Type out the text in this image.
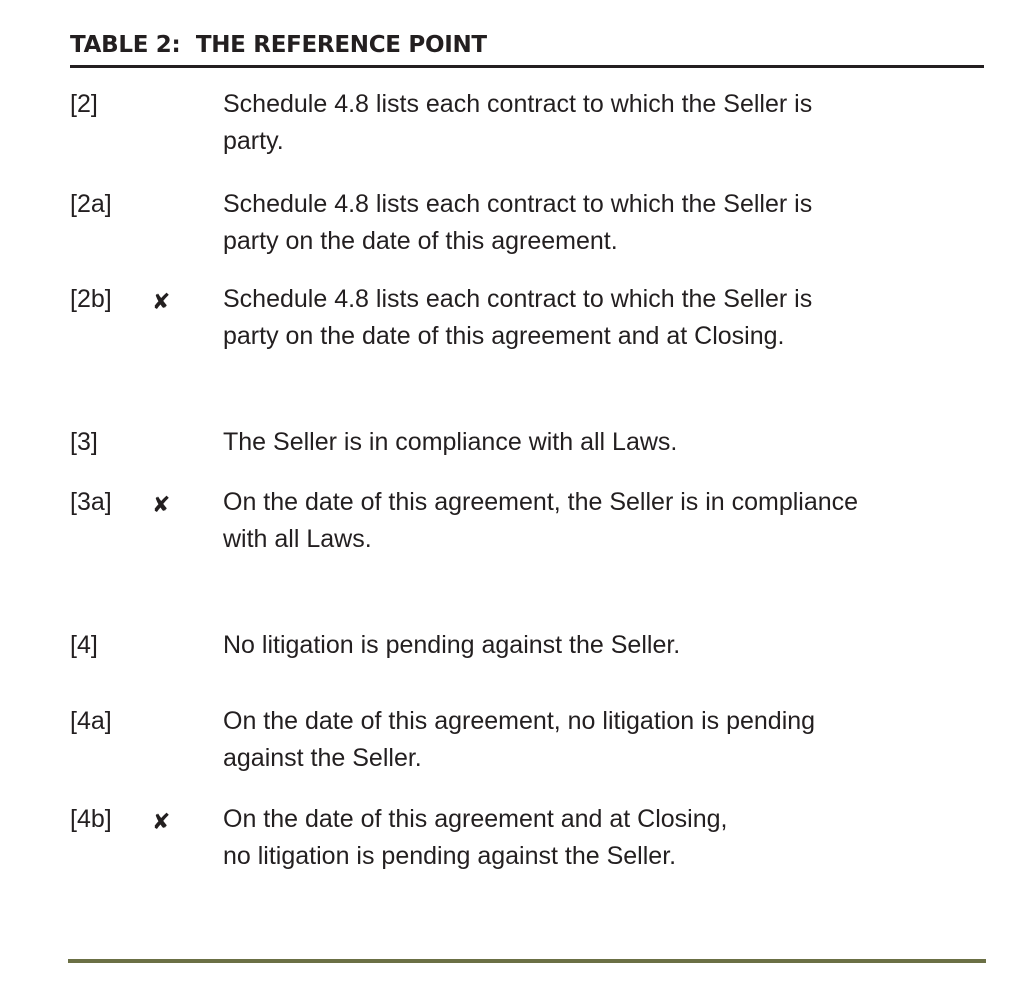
TABLE 2:  THE REFERENCE POINT
[2]	Schedule 4.8 lists each contract to which the Seller is
party.
[2a]	Schedule 4.8 lists each contract to which the Seller is
party on the date of this agreement.
[2b] ✘ Schedule 4.8 lists each contract to which the Seller is
party on the date of this agreement and at Closing.
[3]	The Seller is in compliance with all Laws.
[3a] ✘ On the date of this agreement, the Seller is in compliance
with all Laws.
[4]	No litigation is pending against the Seller.
[4a]	On the date of this agreement, no litigation is pending
against the Seller.
[4b] ✘ On the date of this agreement and at Closing,
no litigation is pending against the Seller.
